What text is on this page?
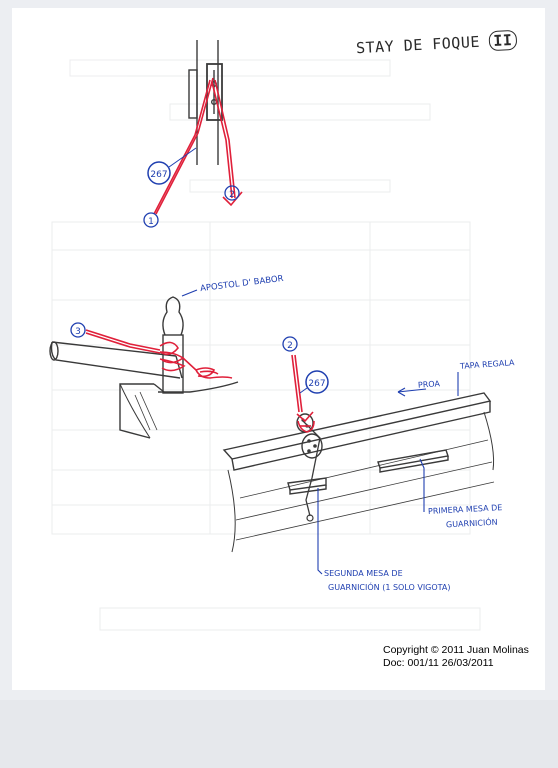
267
1
2
3
2
267
STAY DE FOQUE II
APOSTOL D' BABOR
TAPA REGALA
PROA
PRIMERA MESA DE
GUARNICIÓN
SEGUNDA MESA DE
GUARNICIÓN (1 SOLO VIGOTA)
Copyright © 2011 Juan Molinas
Doc: 001/11 26/03/2011
